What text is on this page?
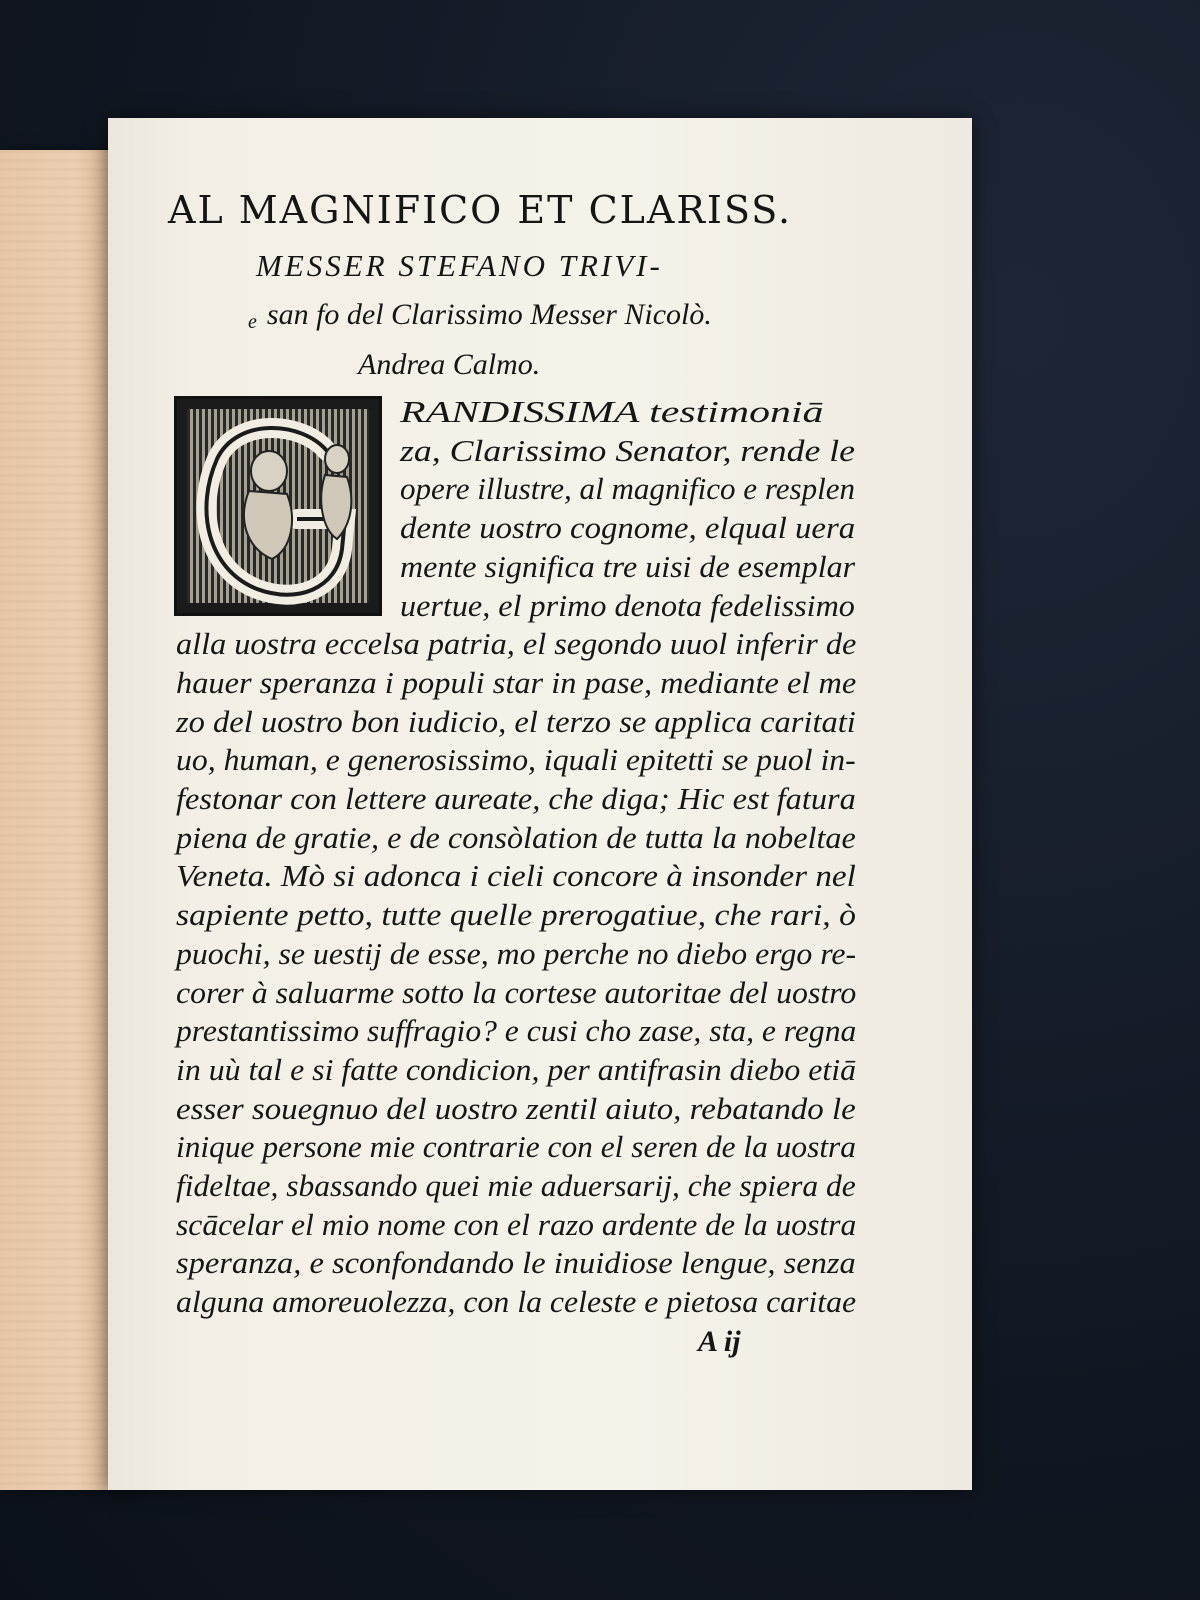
AL MAGNIFICO ET CLARISS.
MESSER STEFANO TRIVI-
e san fo del Clarissimo Messer Nicolò.
Andrea Calmo.
RANDISSIMA testimoniā
za, Clarissimo Senator, rende le
opere illustre, al magnifico e resplen
dente uostro cognome, elqual uera
mente significa tre uisi de esemplar
uertue, el primo denota fedelissimo
alla uostra eccelsa patria, el segondo uuol inferir de
hauer speranza i populi star in pase, mediante el me
zo del uostro bon iudicio, el terzo se applica caritati
uo, human, e generosissimo, iquali epitetti se puol in-
festonar con lettere aureate, che diga; Hic est fatura
piena de gratie, e de consòlation de tutta la nobeltae
Veneta. Mò si adonca i cieli concore à insonder nel
sapiente petto, tutte quelle prerogatiue, che rari, ò
puochi, se uestij de esse, mo perche no diebo ergo re-
corer à saluarme sotto la cortese autoritae del uostro
prestantissimo suffragio? e cusi cho zase, sta, e regna
in uù tal e si fatte condicion, per antifrasin diebo etiā
esser souegnuo del uostro zentil aiuto, rebatando le
inique persone mie contrarie con el seren de la uostra
fideltae, sbassando quei mie aduersarij, che spiera de
scācelar el mio nome con el razo ardente de la uostra
speranza, e sconfondando le inuidiose lengue, senza
alguna amoreuolezza, con la celeste e pietosa caritae
A ij
